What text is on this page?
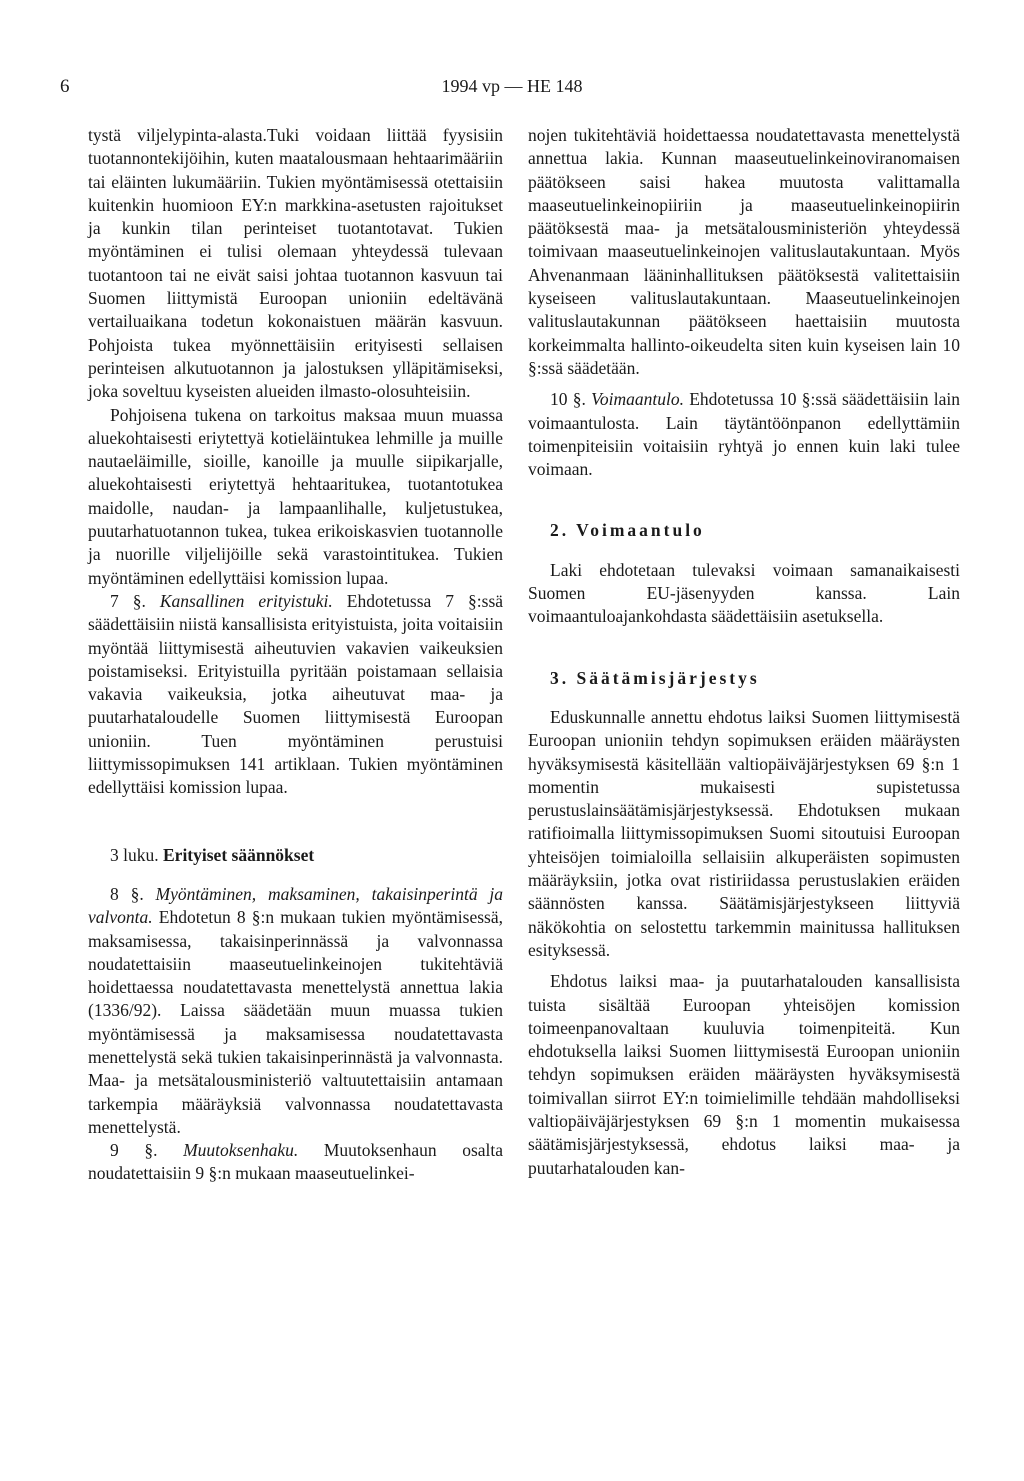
6	1994 vp — HE 148

tystä viljelypinta-alasta.Tuki voidaan liittää fyysisiin tuotannontekijöihin, kuten maatalousmaan hehtaarimääriin tai eläinten lukumääriin. Tukien myöntämisessä otettaisiin kuitenkin huomioon EY:n markkina-asetusten rajoitukset ja kunkin tilan perinteiset tuotantotavat. Tukien myöntäminen ei tulisi olemaan yhteydessä tulevaan tuotantoon tai ne eivät saisi johtaa tuotannon kasvuun tai Suomen liittymistä Euroopan unioniin edeltävänä vertailuaikana todetun kokonaistuen määrän kasvuun. Pohjoista tukea myönnettäisiin erityisesti sellaisen perinteisen alkutuotannon ja jalostuksen ylläpitämiseksi, joka soveltuu kyseisten alueiden ilmasto-olosuhteisiin.

Pohjoisena tukena on tarkoitus maksaa muun muassa aluekohtaisesti eriytettyä kotieläintukea lehmille ja muille nautaeläimille, sioille, kanoille ja muulle siipikarjalle, aluekohtaisesti eriytettyä hehtaaritukea, tuotantotukea maidolle, naudan- ja lampaanlihalle, kuljetustukea, puutarhatuotannon tukea, tukea erikoiskasvien tuotannolle ja nuorille viljelijöille sekä varastointitukea. Tukien myöntäminen edellyttäisi komission lupaa.

7 §. Kansallinen erityistuki. Ehdotetussa 7 §:ssä säädettäisiin niistä kansallisista erityistuista, joita voitaisiin myöntää liittymisestä aiheutuvien vakavien vaikeuksien poistamiseksi. Erityistuilla pyritään poistamaan sellaisia vakavia vaikeuksia, jotka aiheutuvat maa- ja puutarhataloudelle Suomen liittymisestä Euroopan unioniin. Tuen myöntäminen perustuisi liittymissopimuksen 141 artiklaan. Tukien myöntäminen edellyttäisi komission lupaa.

3 luku. Erityiset säännökset

8 §. Myöntäminen, maksaminen, takaisinperintä ja valvonta. Ehdotetun 8 §:n mukaan tukien myöntämisessä, maksamisessa, takaisinperinnässä ja valvonnassa noudatettaisiin maaseutuelinkeinojen tukitehtäviä hoidettaessa noudatettavasta menettelystä annettua lakia (1336/92). Laissa säädetään muun muassa tukien myöntämisessä ja maksamisessa noudatettavasta menettelystä sekä tukien takaisinperinnästä ja valvonnasta. Maa- ja metsätalousministeriö valtuutettaisiin antamaan tarkempia määräyksiä valvonnassa noudatettavasta menettelystä.

9 §. Muutoksenhaku. Muutoksenhaun osalta noudatettaisiin 9 §:n mukaan maaseutuelinkei-

nojen tukitehtäviä hoidettaessa noudatettavasta menettelystä annettua lakia. Kunnan maaseutuelinkeinoviranomaisen päätökseen saisi hakea muutosta valittamalla maaseutuelinkeinopiiriin ja maaseutuelinkeinopiirin päätöksestä maa- ja metsätalousministeriön yhteydessä toimivaan maaseutuelinkeinojen valituslautakuntaan. Myös Ahvenanmaan lääninhallituksen päätöksestä valitettaisiin kyseiseen valituslautakuntaan. Maaseutuelinkeinojen valituslautakunnan päätökseen haettaisiin muutosta korkeimmalta hallinto-oikeudelta siten kuin kyseisen lain 10 §:ssä säädetään.

10 §. Voimaantulo. Ehdotetussa 10 §:ssä säädettäisiin lain voimaantulosta. Lain täytäntöönpanon edellyttämiin toimenpiteisiin voitaisiin ryhtyä jo ennen kuin laki tulee voimaan.

2. Voimaantulo

Laki ehdotetaan tulevaksi voimaan samanaikaisesti Suomen EU-jäsenyyden kanssa. Lain voimaantuloajankohdasta säädettäisiin asetuksella.

3. Säätämisjärjestys

Eduskunnalle annettu ehdotus laiksi Suomen liittymisestä Euroopan unioniin tehdyn sopimuksen eräiden määräysten hyväksymisestä käsitellään valtiopäiväjärjestyksen 69 §:n 1 momentin mukaisesti supistetussa perustuslainsäätämisjärjestyksessä. Ehdotuksen mukaan ratifioimalla liittymissopimuksen Suomi sitoutuisi Euroopan yhteisöjen toimialoilla sellaisiin alkuperäisten sopimusten määräyksiin, jotka ovat ristiriidassa perustuslakien eräiden säännösten kanssa. Säätämisjärjestykseen liittyviä näkökohtia on selostettu tarkemmin mainitussa hallituksen esityksessä.

Ehdotus laiksi maa- ja puutarhatalouden kansallisista tuista sisältää Euroopan yhteisöjen komission toimeenpanovaltaan kuuluvia toimenpiteitä. Kun ehdotuksella laiksi Suomen liittymisestä Euroopan unioniin tehdyn sopimuksen eräiden määräysten hyväksymisestä toimivallan siirrot EY:n toimielimille tehdään mahdolliseksi valtiopäiväjärjestyksen 69 §:n 1 momentin mukaisessa säätämisjärjestyksessä, ehdotus laiksi maa- ja puutarhatalouden kan-
